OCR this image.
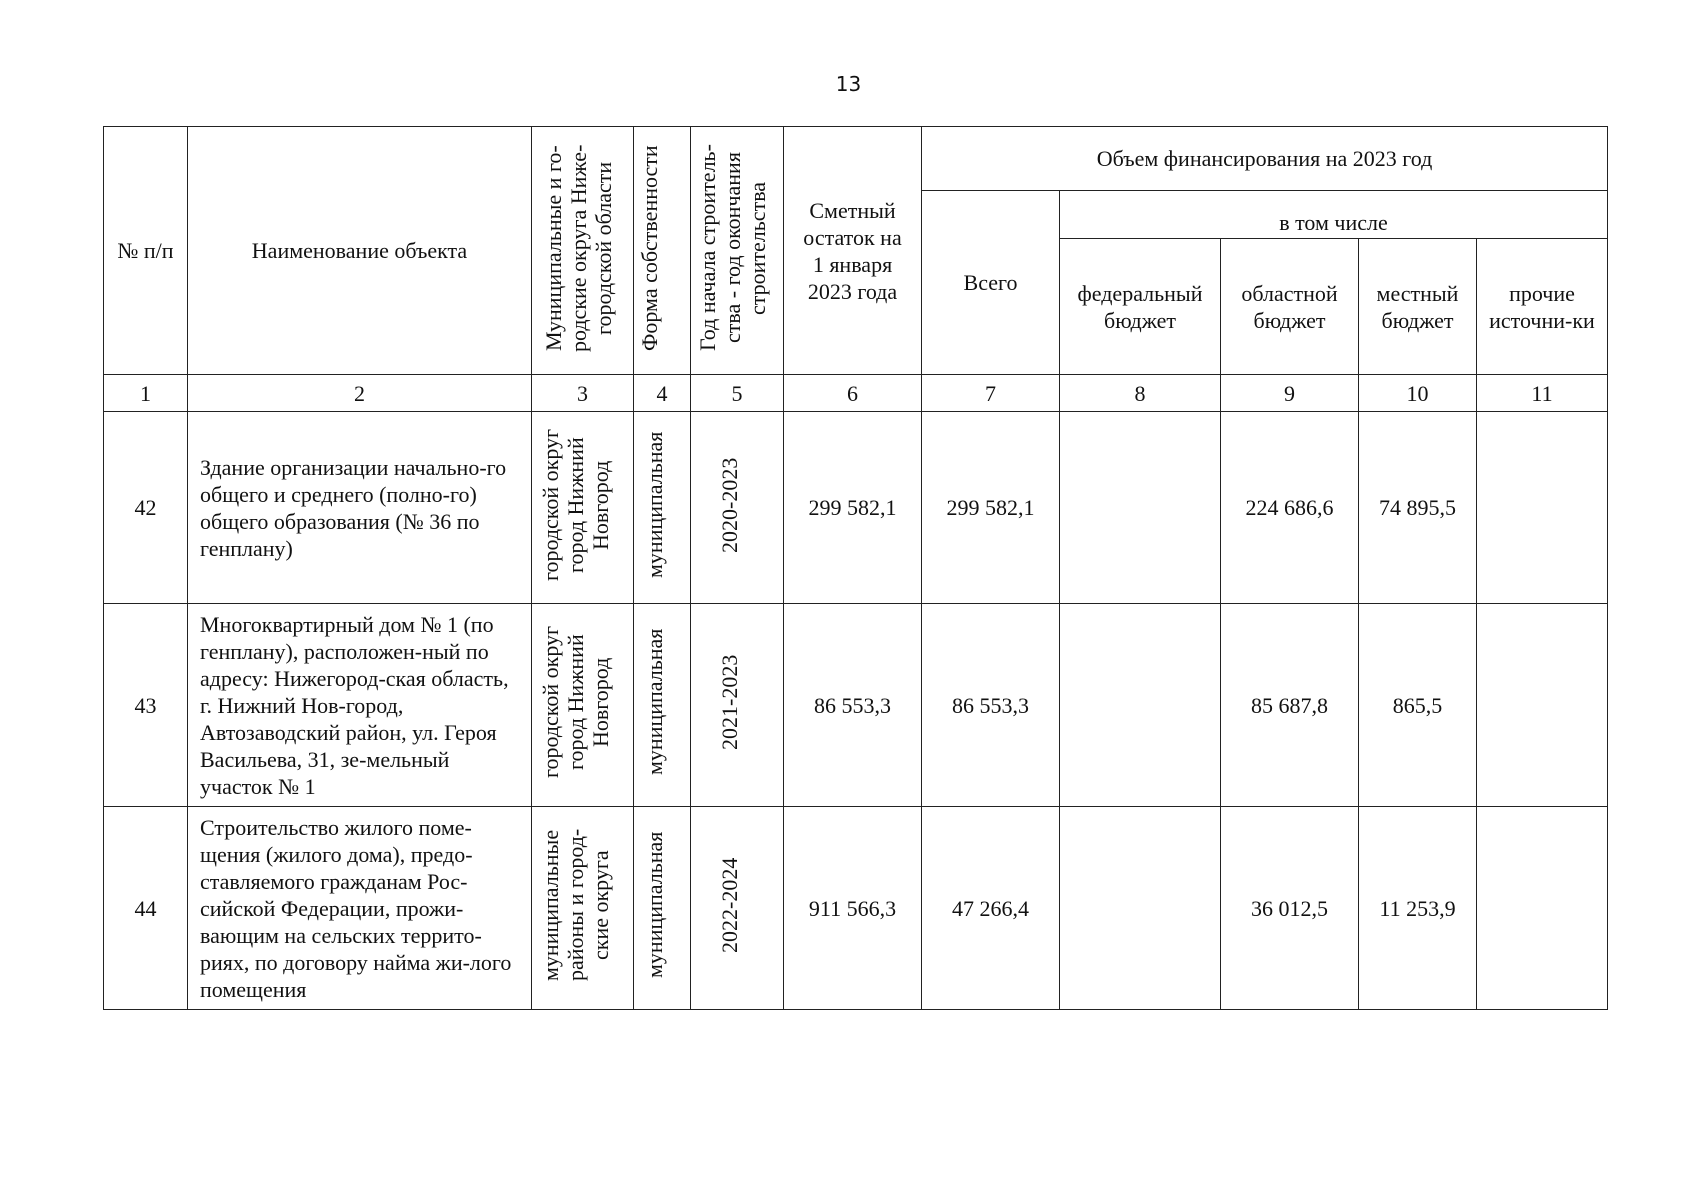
13
№ п/п	Наименование объекта	Муниципальные и го-родские округа Ниже-городской области	Форма собственности	Год начала строитель-ства - год окончания строительства	Сметный остаток на 1 января 2023 года	Объем финансирования на 2023 год				
						Всего	в том числе			
							федеральный бюджет	областной бюджет	местный бюджет	прочие источни-ки
1	2	3	4	5	6	7	8	9	10	11
42	Здание организации начально-го общего и среднего (полно-го) общего образования (№ 36 по генплану)	городской округ город Нижний Новгород	муниципальная	2020-2023	299 582,1	299 582,1		224 686,6	74 895,5	
43	Многоквартирный дом № 1 (по генплану), расположен-ный по адресу: Нижегород-ская область, г. Нижний Нов-город, Автозаводский район, ул. Героя Васильева, 31, зе-мельный участок № 1	городской округ город Нижний Новгород	муниципальная	2021-2023	86 553,3	86 553,3		85 687,8	865,5	
44	Строительство жилого поме-щения (жилого дома), предо-ставляемого гражданам Рос-сийской Федерации, прожи-вающим на сельских террито-риях, по договору найма жи-лого помещения	муниципальные районы и город-ские округа	муниципальная	2022-2024	911 566,3	47 266,4		36 012,5	11 253,9	
